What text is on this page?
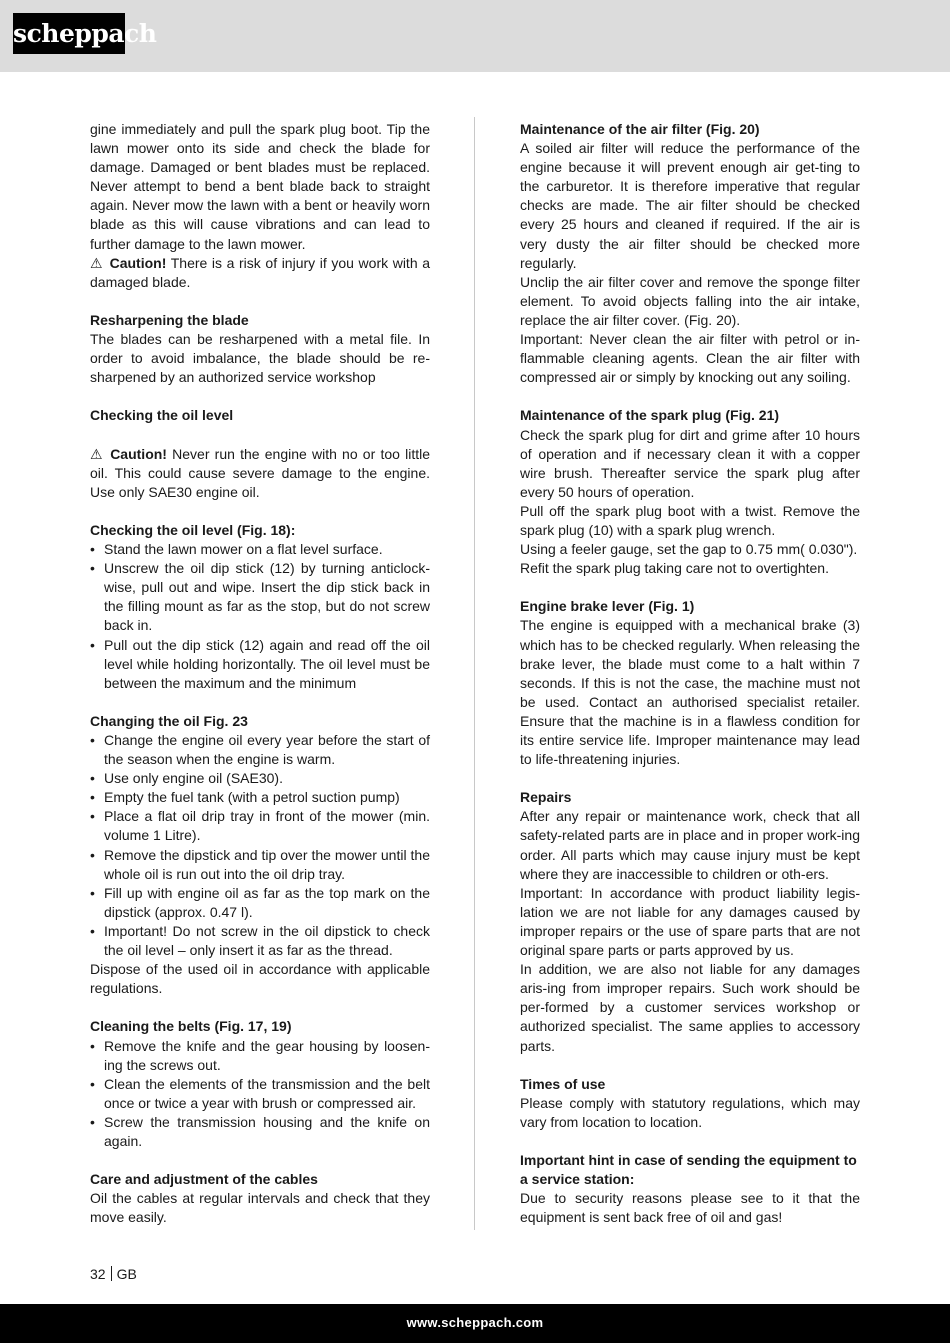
scheppach

gine immediately and pull the spark plug boot. Tip the lawn mower onto its side and check the blade for damage. Damaged or bent blades must be replaced. Never attempt to bend a bent blade back to straight again. Never mow the lawn with a bent or heavily worn blade as this will cause vibrations and can lead to further damage to the lawn mower.

⚠ Caution! There is a risk of injury if you work with a damaged blade.

Resharpening the blade

The blades can be resharpened with a metal file. In order to avoid imbalance, the blade should be re-sharpened by an authorized service workshop

Checking the oil level

⚠ Caution! Never run the engine with no or too little oil. This could cause severe damage to the engine. Use only SAE30 engine oil.

Checking the oil level (Fig. 18):
• Stand the lawn mower on a flat level surface.
• Unscrew the oil dip stick (12) by turning anticlock-wise, pull out and wipe. Insert the dip stick back in the filling mount as far as the stop, but do not screw back in.
• Pull out the dip stick (12) again and read off the oil level while holding horizontally. The oil level must be between the maximum and the minimum
Changing the oil Fig. 23
• Change the engine oil every year before the start of the season when the engine is warm.
• Use only engine oil (SAE30).
• Empty the fuel tank (with a petrol suction pump)
• Place a flat oil drip tray in front of the mower (min. volume 1 Litre).
• Remove the dipstick and tip over the mower until the whole oil is run out into the oil drip tray.
• Fill up with engine oil as far as the top mark on the dipstick (approx. 0.47 l).
• Important! Do not screw in the oil dipstick to check the oil level – only insert it as far as the thread.

Dispose of the used oil in accordance with applicable regulations.

Cleaning the belts (Fig. 17, 19)
• Remove the knife and the gear housing by loosen-ing the screws out.
• Clean the elements of the transmission and the belt once or twice a year with brush or compressed air.
• Screw the transmission housing and the knife on again.
Care and adjustment of the cables

Oil the cables at regular intervals and check that they move easily.

Maintenance of the air filter (Fig. 20)

A soiled air filter will reduce the performance of the engine because it will prevent enough air get-ting to the carburetor. It is therefore imperative that regular checks are made. The air filter should be checked every 25 hours and cleaned if required. If the air is very dusty the air filter should be checked more regularly.

Unclip the air filter cover and remove the sponge filter element. To avoid objects falling into the air intake, replace the air filter cover. (Fig. 20).

Important: Never clean the air filter with petrol or in-flammable cleaning agents. Clean the air filter with compressed air or simply by knocking out any soiling.

Maintenance of the spark plug (Fig. 21)

Check the spark plug for dirt and grime after 10 hours of operation and if necessary clean it with a copper wire brush. Thereafter service the spark plug after every 50 hours of operation.

Pull off the spark plug boot with a twist. Remove the spark plug (10) with a spark plug wrench.

Using a feeler gauge, set the gap to 0.75 mm( 0.030").

Refit the spark plug taking care not to overtighten.

Engine brake lever (Fig. 1)

The engine is equipped with a mechanical brake (3) which has to be checked regularly. When releasing the brake lever, the blade must come to a halt within 7 seconds. If this is not the case, the machine must not be used. Contact an authorised specialist retailer. Ensure that the machine is in a flawless condition for its entire service life. Improper maintenance may lead to life-threatening injuries.

Repairs

After any repair or maintenance work, check that all safety-related parts are in place and in proper work-ing order. All parts which may cause injury must be kept where they are inaccessible to children or oth-ers.

Important: In accordance with product liability legis-lation we are not liable for any damages caused by improper repairs or the use of spare parts that are not original spare parts or parts approved by us.

In addition, we are also not liable for any damages aris-ing from improper repairs. Such work should be per-formed by a customer services workshop or authorized specialist. The same applies to accessory parts.

Times of use

Please comply with statutory regulations, which may vary from location to location.

Important hint in case of sending the equipment to a service station:

Due to security reasons please see to it that the equipment is sent back free of oil and gas!

32 GB
www.scheppach.com
